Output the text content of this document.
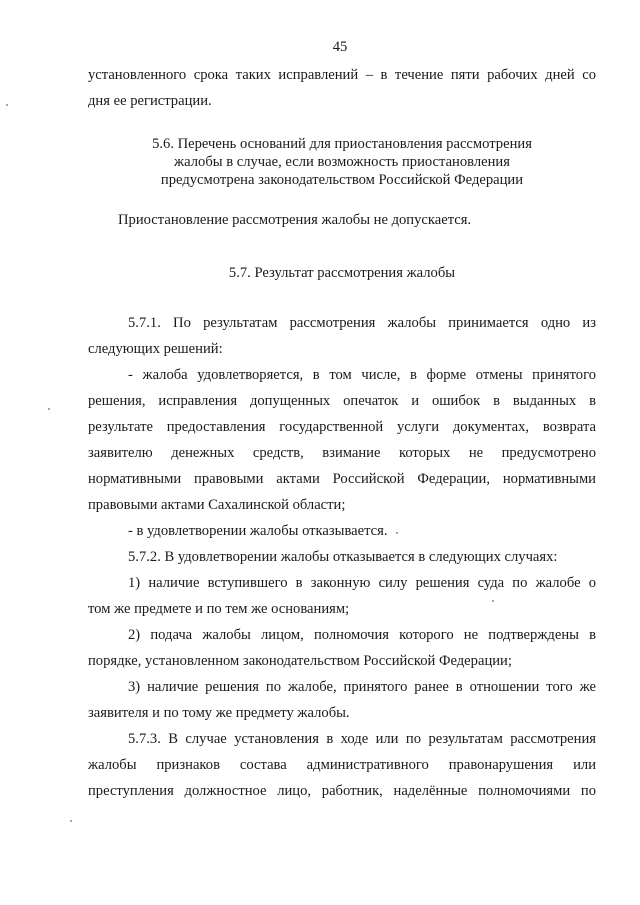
45
установленного срока таких исправлений – в течение пяти рабочих дней со
дня ее регистрации.
5.6. Перечень оснований для приостановления рассмотрения
жалобы в случае, если возможность приостановления
предусмотрена законодательством Российской Федерации
Приостановление рассмотрения жалобы не допускается.
5.7. Результат рассмотрения жалобы
5.7.1. По результатам рассмотрения жалобы принимается одно из
следующих решений:
- жалоба удовлетворяется, в том числе, в форме отмены принятого
решения, исправления допущенных опечаток и ошибок в выданных в
результате предоставления государственной услуги документах, возврата
заявителю денежных средств, взимание которых не предусмотрено
нормативными правовыми актами Российской Федерации, нормативными
правовыми актами Сахалинской области;
- в удовлетворении жалобы отказывается.
5.7.2. В удовлетворении жалобы отказывается в следующих случаях:
1) наличие вступившего в законную силу решения суда по жалобе о
том же предмете и по тем же основаниям;
2) подача жалобы лицом, полномочия которого не подтверждены в
порядке, установленном законодательством Российской Федерации;
3) наличие решения по жалобе, принятого ранее в отношении того же
заявителя и по тому же предмету жалобы.
5.7.3. В случае установления в ходе или по результатам рассмотрения
жалобы признаков состава административного правонарушения или
преступления должностное лицо, работник, наделённые полномочиями по
